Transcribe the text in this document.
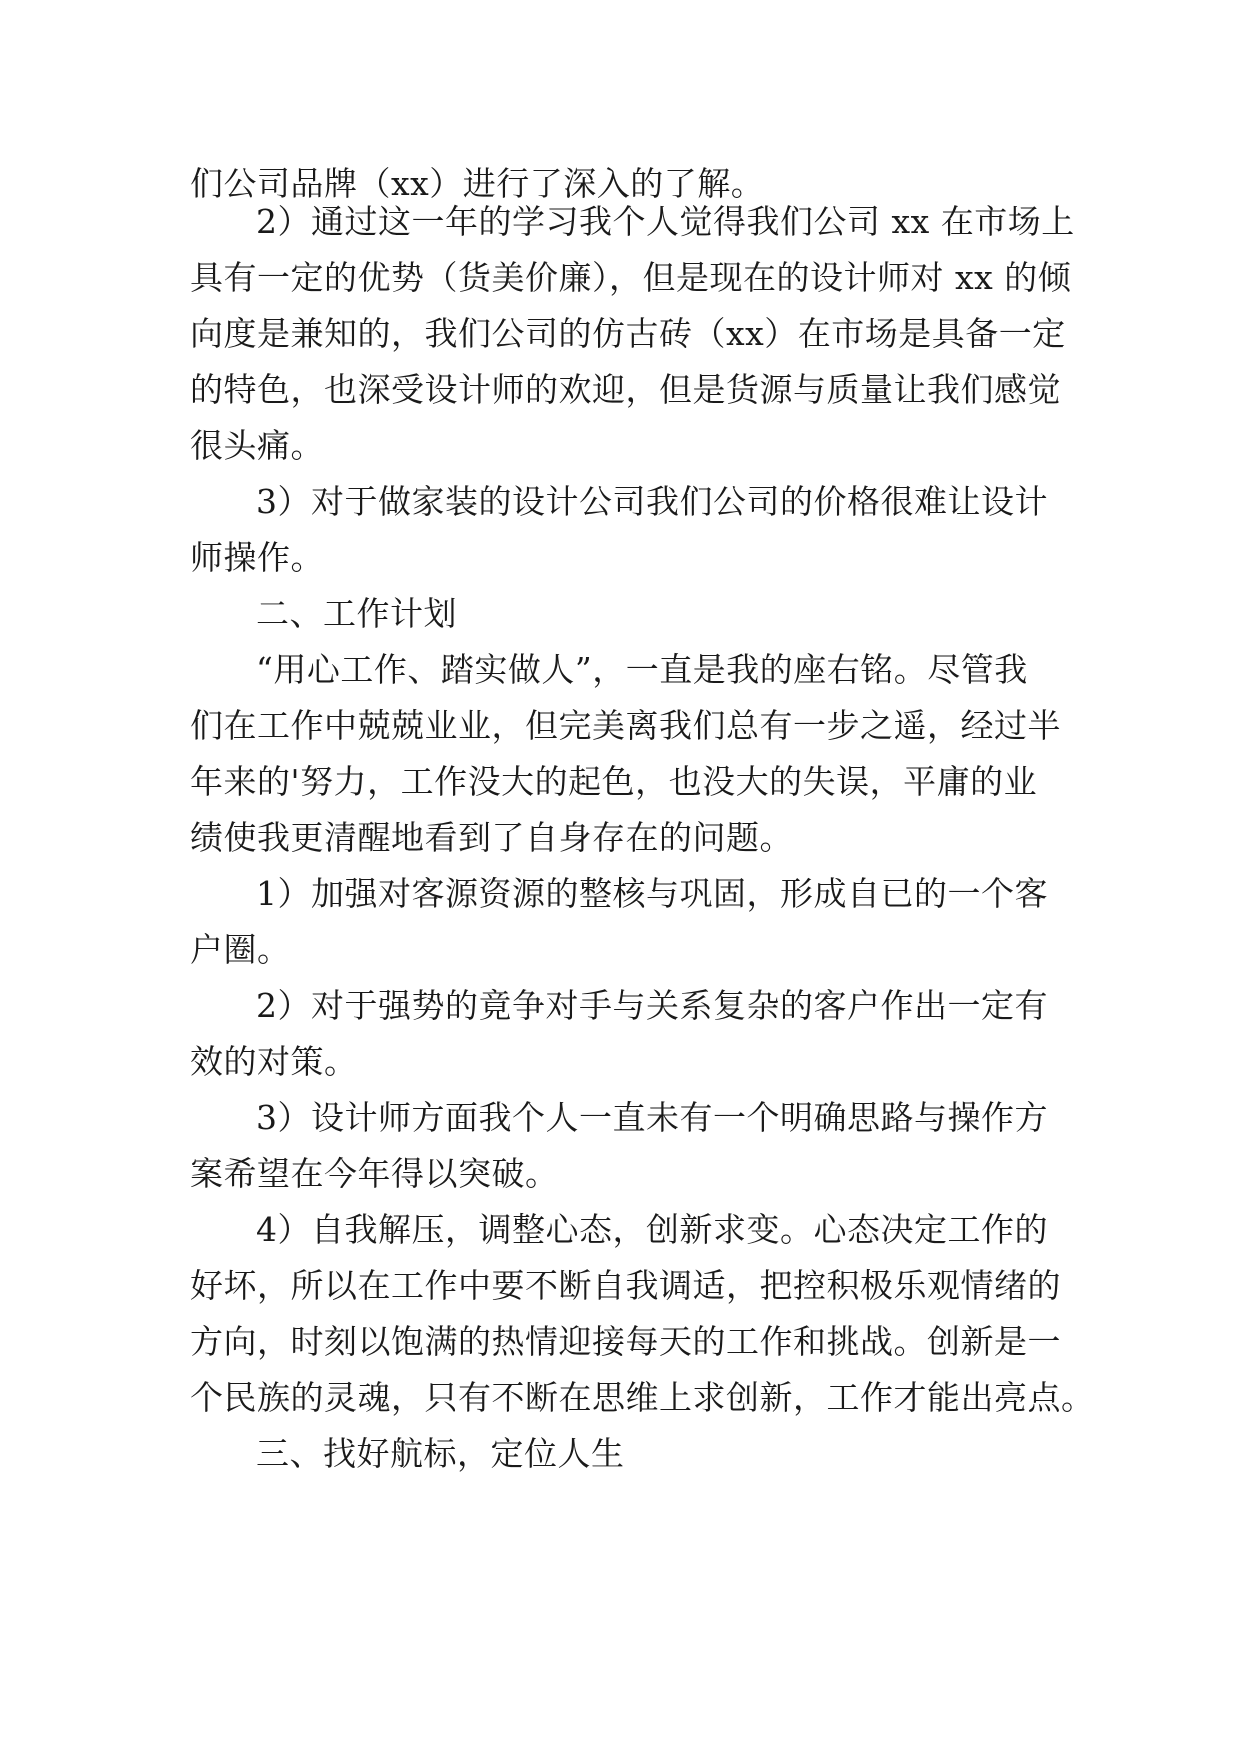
们公司品牌（xx）进行了深入的了解。

2）通过这一年的学习我个人觉得我们公司 xx 在市场上

具有一定的优势（货美价廉），但是现在的设计师对 xx 的倾

向度是兼知的，我们公司的仿古砖（xx）在市场是具备一定

的特色，也深受设计师的欢迎，但是货源与质量让我们感觉

很头痛。

3）对于做家装的设计公司我们公司的价格很难让设计

师操作。

二、工作计划

“用心工作、踏实做人”，一直是我的座右铭。尽管我

们在工作中兢兢业业，但完美离我们总有一步之遥，经过半

年来的'努力，工作没大的起色，也没大的失误，平庸的业

绩使我更清醒地看到了自身存在的问题。

1）加强对客源资源的整核与巩固，形成自已的一个客

户圈。

2）对于强势的竟争对手与关系复杂的客户作出一定有

效的对策。

3）设计师方面我个人一直未有一个明确思路与操作方

案希望在今年得以突破。

4）自我解压，调整心态，创新求变。心态决定工作的

好坏，所以在工作中要不断自我调适，把控积极乐观情绪的

方向，时刻以饱满的热情迎接每天的工作和挑战。创新是一

个民族的灵魂，只有不断在思维上求创新，工作才能出亮点。

三、找好航标，定位人生
